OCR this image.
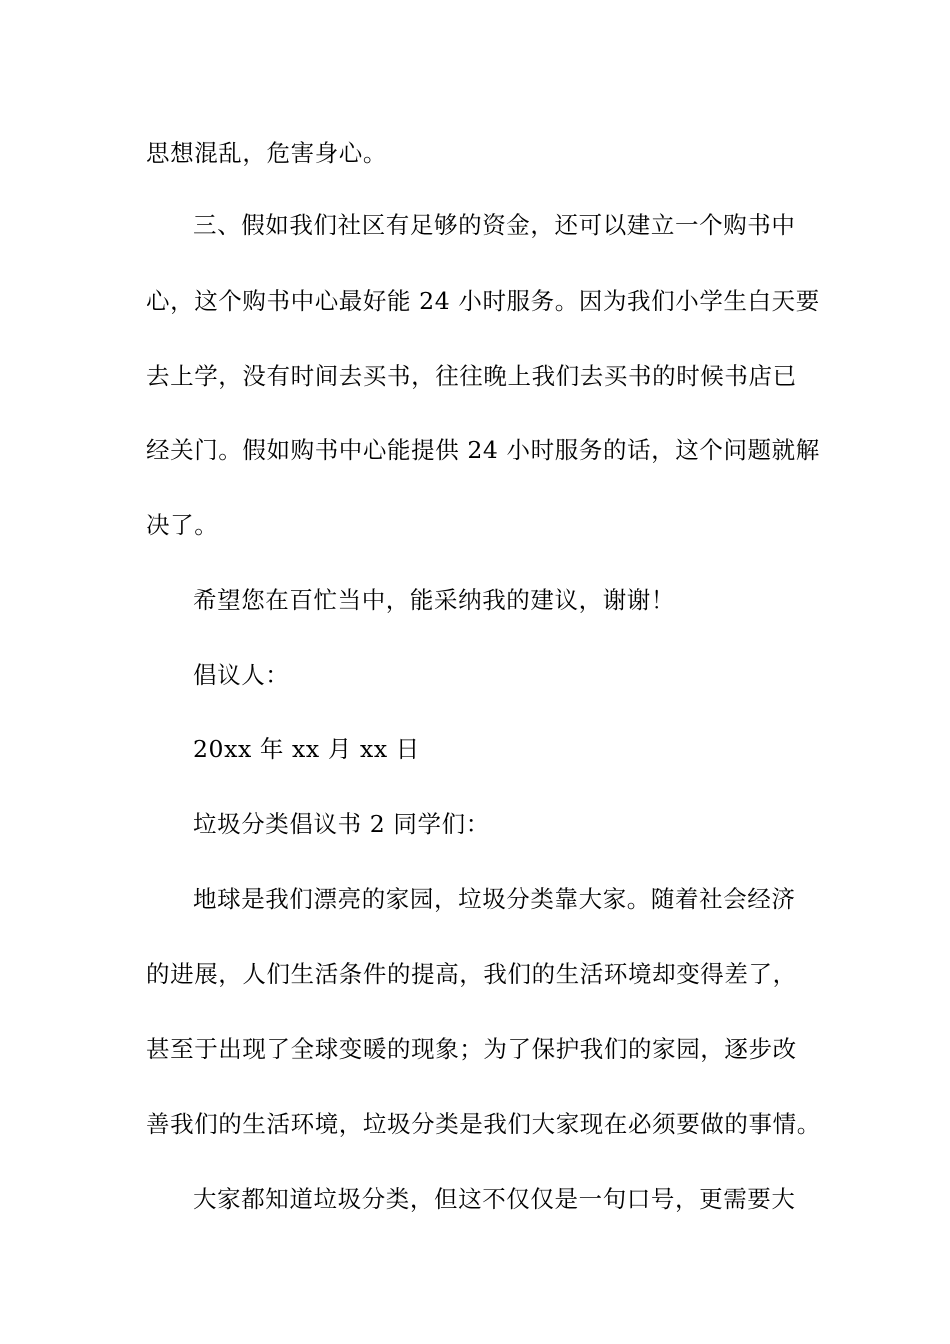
思想混乱，危害身心。
三、假如我们社区有足够的资金，还可以建立一个购书中
心，这个购书中心最好能 24 小时服务。因为我们小学生白天要
去上学，没有时间去买书，往往晚上我们去买书的时候书店已
经关门。假如购书中心能提供 24 小时服务的话，这个问题就解
决了。
希望您在百忙当中，能采纳我的建议，谢谢！
倡议人：
20xx 年 xx 月 xx 日
垃圾分类倡议书 2 同学们：
地球是我们漂亮的家园，垃圾分类靠大家。随着社会经济
的进展，人们生活条件的提高，我们的生活环境却变得差了，
甚至于出现了全球变暖的现象；为了保护我们的家园，逐步改
善我们的生活环境，垃圾分类是我们大家现在必须要做的事情。
大家都知道垃圾分类，但这不仅仅是一句口号，更需要大
